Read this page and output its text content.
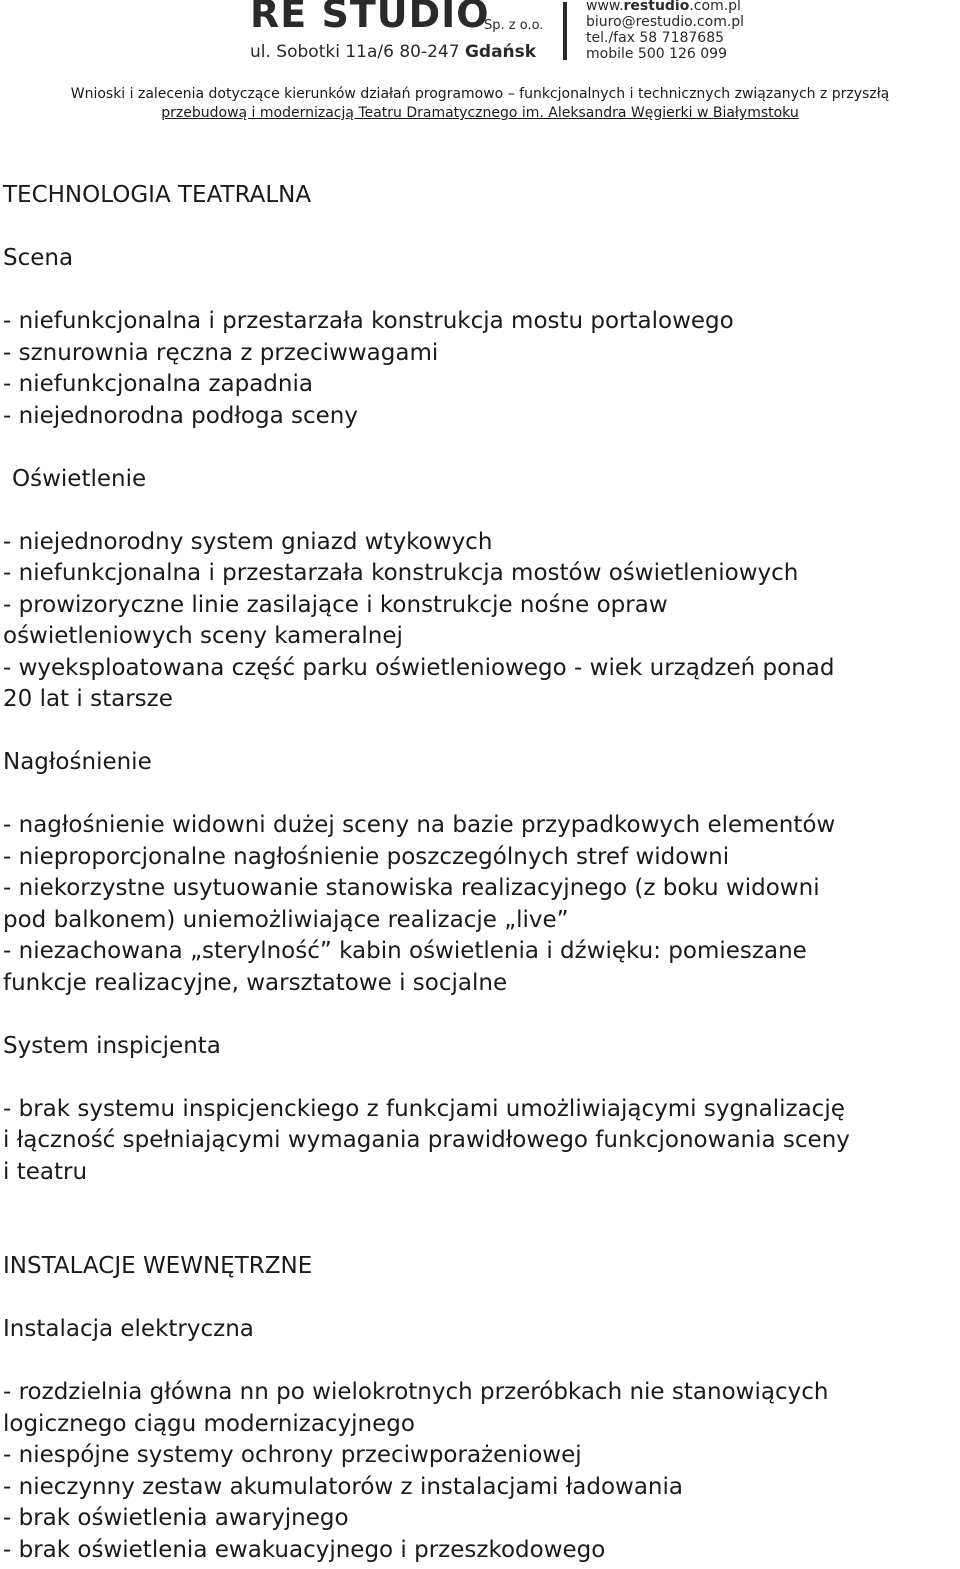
RE STUDIO
Sp. z o.o.
ul. Sobotki 11a/6 80-247 Gdańsk
www.restudio.com.pl
biuro@restudio.com.pl
tel./fax 58 7187685
mobile 500 126 099
Wnioski i zalecenia dotyczące kierunków działań programowo – funkcjonalnych i technicznych związanych z przyszłą
przebudową i modernizacją Teatru Dramatycznego im. Aleksandra Węgierki w Białymstoku
TECHNOLOGIA TEATRALNA
Scena
- niefunkcjonalna i przestarzała konstrukcja mostu portalowego
- sznurownia ręczna z przeciwwagami
- niefunkcjonalna zapadnia
- niejednorodna podłoga sceny
Oświetlenie
- niejednorodny system gniazd wtykowych
- niefunkcjonalna i przestarzała konstrukcja mostów oświetleniowych
- prowizoryczne linie zasilające i konstrukcje nośne opraw
oświetleniowych sceny kameralnej
- wyeksploatowana część parku oświetleniowego - wiek urządzeń ponad
20 lat i starsze
Nagłośnienie
- nagłośnienie widowni dużej sceny na bazie przypadkowych elementów
- nieproporcjonalne nagłośnienie poszczególnych stref widowni
- niekorzystne usytuowanie stanowiska realizacyjnego (z boku widowni
pod balkonem) uniemożliwiające realizacje „live”
- niezachowana „sterylność” kabin oświetlenia i dźwięku: pomieszane
funkcje realizacyjne, warsztatowe i socjalne
System inspicjenta
- brak systemu inspicjenckiego z funkcjami umożliwiającymi sygnalizację
i łączność spełniającymi wymagania prawidłowego funkcjonowania sceny
i teatru
INSTALACJE WEWNĘTRZNE
Instalacja elektryczna
- rozdzielnia główna nn po wielokrotnych przeróbkach nie stanowiących
logicznego ciągu modernizacyjnego
- niespójne systemy ochrony przeciwporażeniowej
- nieczynny zestaw akumulatorów z instalacjami ładowania
- brak oświetlenia awaryjnego
- brak oświetlenia ewakuacyjnego i przeszkodowego
